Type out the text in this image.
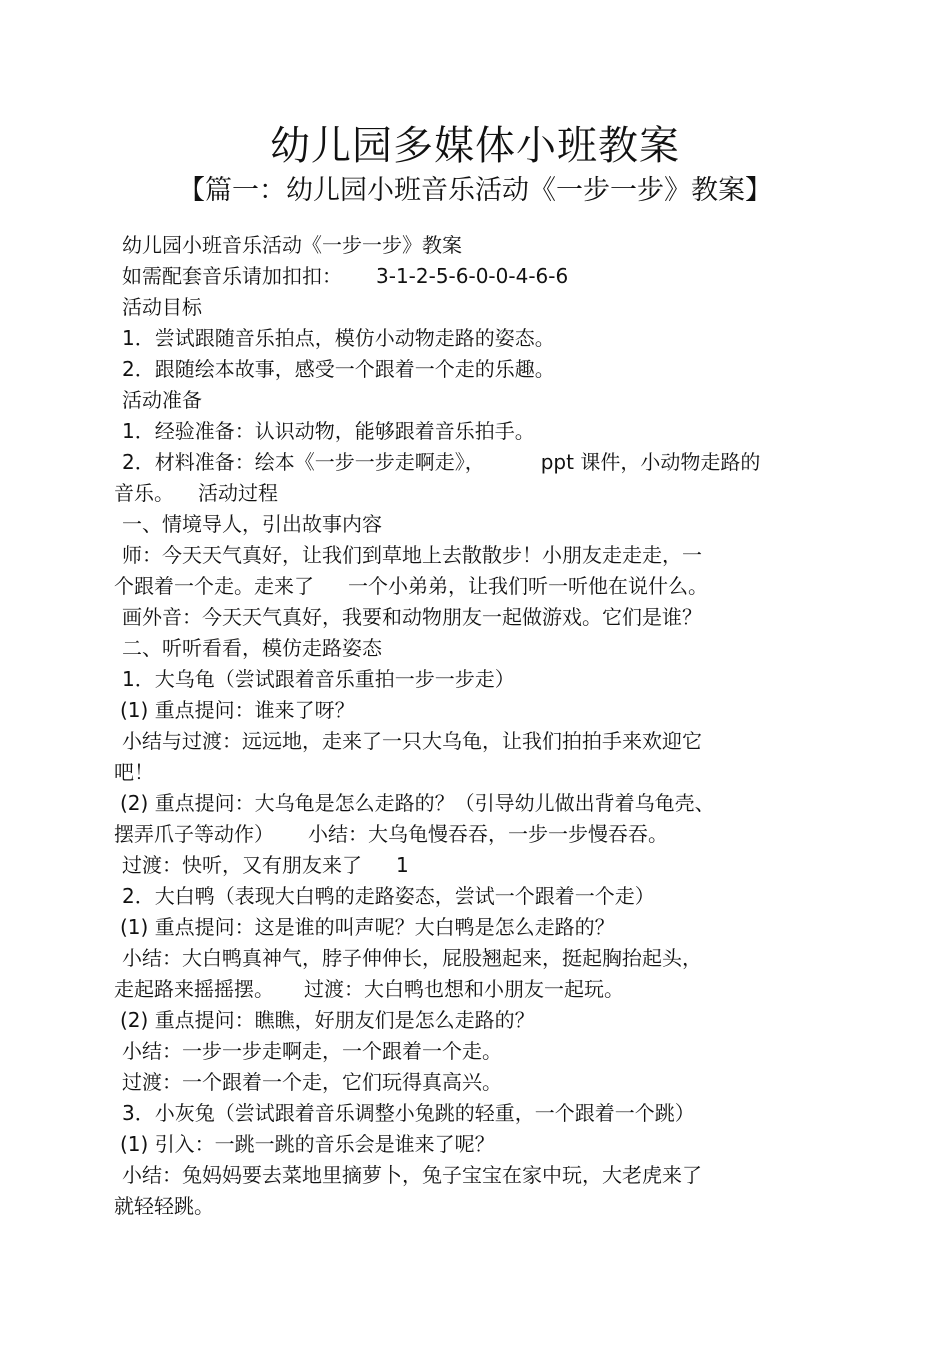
幼儿园多媒体小班教案
【篇一：幼儿园小班音乐活动《一步一步》教案】
幼儿园小班音乐活动《一步一步》教案
如需配套音乐请加扣扣： 3-1-2-5-6-0-0-4-6-6
活动目标
1．尝试跟随音乐拍点，模仿小动物走路的姿态。
2．跟随绘本故事，感受一个跟着一个走的乐趣。
活动准备
1．经验准备：认识动物，能够跟着音乐拍手。
2．材料准备：绘本《一步一步走啊走》，	ppt 课件，小动物走路的
音乐。 活动过程
一、情境导人，引出故事内容
师：今天天气真好，让我们到草地上去散散步！小朋友走走走，一
个跟着一个走。走来了 一个小弟弟，让我们听一听他在说什么。
画外音：今天天气真好，我要和动物朋友一起做游戏。它们是谁？
二、听听看看，模仿走路姿态
1．大乌龟（尝试跟着音乐重拍一步一步走）
(1) 重点提问：谁来了呀？
小结与过渡：远远地，走来了一只大乌龟，让我们拍拍手来欢迎它
吧！
(2) 重点提问：大乌龟是怎么走路的？（引导幼儿做出背着乌龟壳、
摆弄爪子等动作） 小结：大乌龟慢吞吞，一步一步慢吞吞。
过渡：快听，又有朋友来了 1
2．大白鸭（表现大白鸭的走路姿态，尝试一个跟着一个走）
(1) 重点提问：这是谁的叫声呢？大白鸭是怎么走路的？
小结：大白鸭真神气，脖子伸伸长，屁股翘起来，挺起胸抬起头，
走起路来摇摇摆。 过渡：大白鸭也想和小朋友一起玩。
(2) 重点提问：瞧瞧，好朋友们是怎么走路的？
小结：一步一步走啊走，一个跟着一个走。
过渡：一个跟着一个走，它们玩得真高兴。
3．小灰兔（尝试跟着音乐调整小兔跳的轻重，一个跟着一个跳）
(1) 引入：一跳一跳的音乐会是谁来了呢？
小结：兔妈妈要去菜地里摘萝卜，兔子宝宝在家中玩，大老虎来了
就轻轻跳。
